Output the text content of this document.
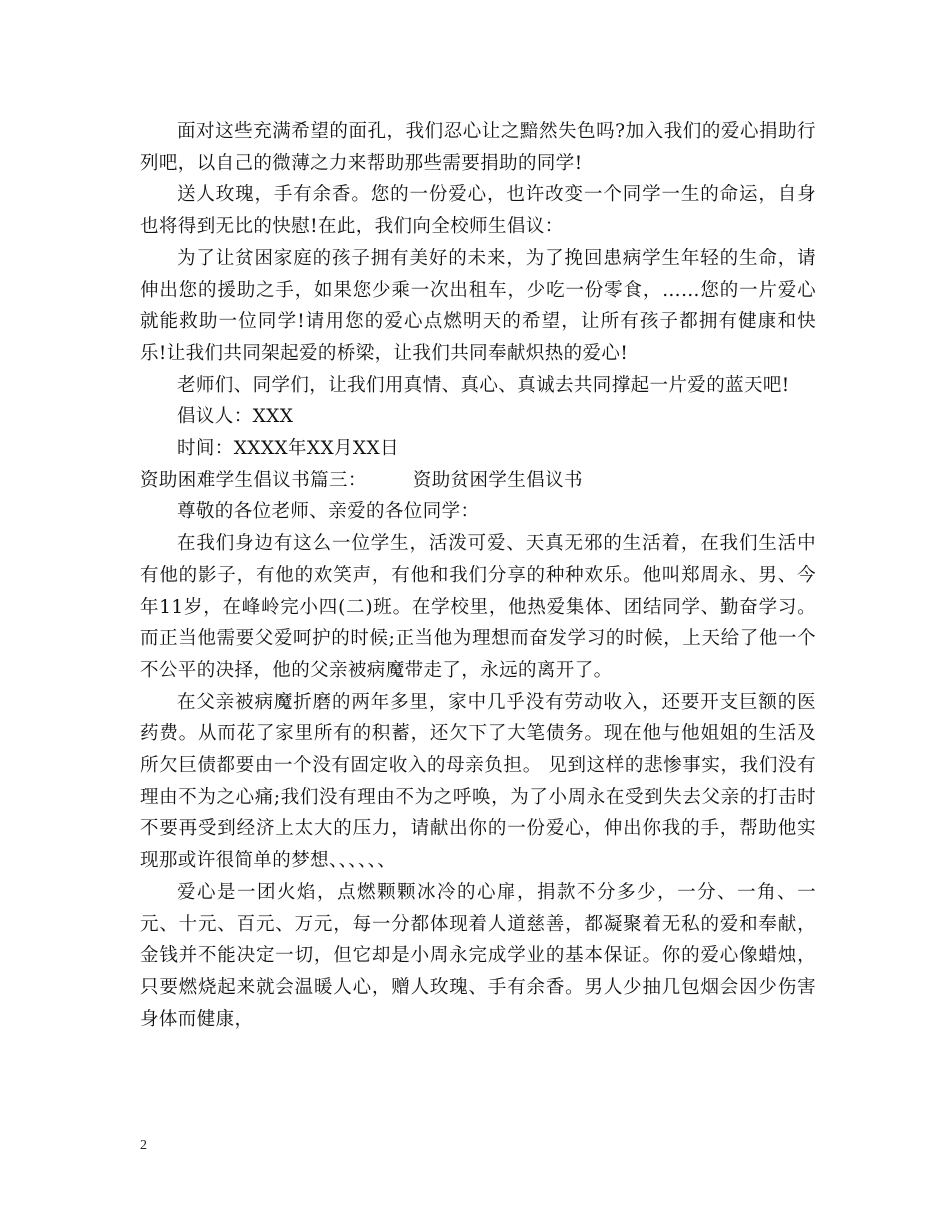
面对这些充满希望的面孔，我们忍心让之黯然失色吗?加入我们的爱心捐助行列吧，以自己的微薄之力来帮助那些需要捐助的同学!

送人玫瑰，手有余香。您的一份爱心，也许改变一个同学一生的命运，自身也将得到无比的快慰!在此，我们向全校师生倡议：

为了让贫困家庭的孩子拥有美好的未来，为了挽回患病学生年轻的生命，请伸出您的援助之手，如果您少乘一次出租车，少吃一份零食，……您的一片爱心就能救助一位同学!请用您的爱心点燃明天的希望，让所有孩子都拥有健康和快乐!让我们共同架起爱的桥梁，让我们共同奉献炽热的爱心!

老师们、同学们，让我们用真情、真心、真诚去共同撑起一片爱的蓝天吧!

倡议人：XXX

时间：XXXX年XX月XX日

资助困难学生倡议书篇三： 资助贫困学生倡议书

尊敬的各位老师、亲爱的各位同学：

在我们身边有这么一位学生，活泼可爱、天真无邪的生活着，在我们生活中有他的影子，有他的欢笑声，有他和我们分享的种种欢乐。他叫郑周永、男、今年11岁，在峰岭完小四(二)班。在学校里，他热爱集体、团结同学、勤奋学习。而正当他需要父爱呵护的时候;正当他为理想而奋发学习的时候，上天给了他一个不公平的决择，他的父亲被病魔带走了，永远的离开了。

在父亲被病魔折磨的两年多里，家中几乎没有劳动收入，还要开支巨额的医药费。从而花了家里所有的积蓄，还欠下了大笔债务。现在他与他姐姐的生活及所欠巨债都要由一个没有固定收入的母亲负担。 见到这样的悲惨事实，我们没有理由不为之心痛;我们没有理由不为之呼唤，为了小周永在受到失去父亲的打击时不要再受到经济上太大的压力，请献出你的一份爱心，伸出你我的手，帮助他实现那或许很简单的梦想、、、、、、

爱心是一团火焰，点燃颗颗冰冷的心扉，捐款不分多少，一分、一角、一元、十元、百元、万元，每一分都体现着人道慈善，都凝聚着无私的爱和奉献，金钱并不能决定一切，但它却是小周永完成学业的基本保证。你的爱心像蜡烛，只要燃烧起来就会温暖人心，赠人玫瑰、手有余香。男人少抽几包烟会因少伤害身体而健康，

2
